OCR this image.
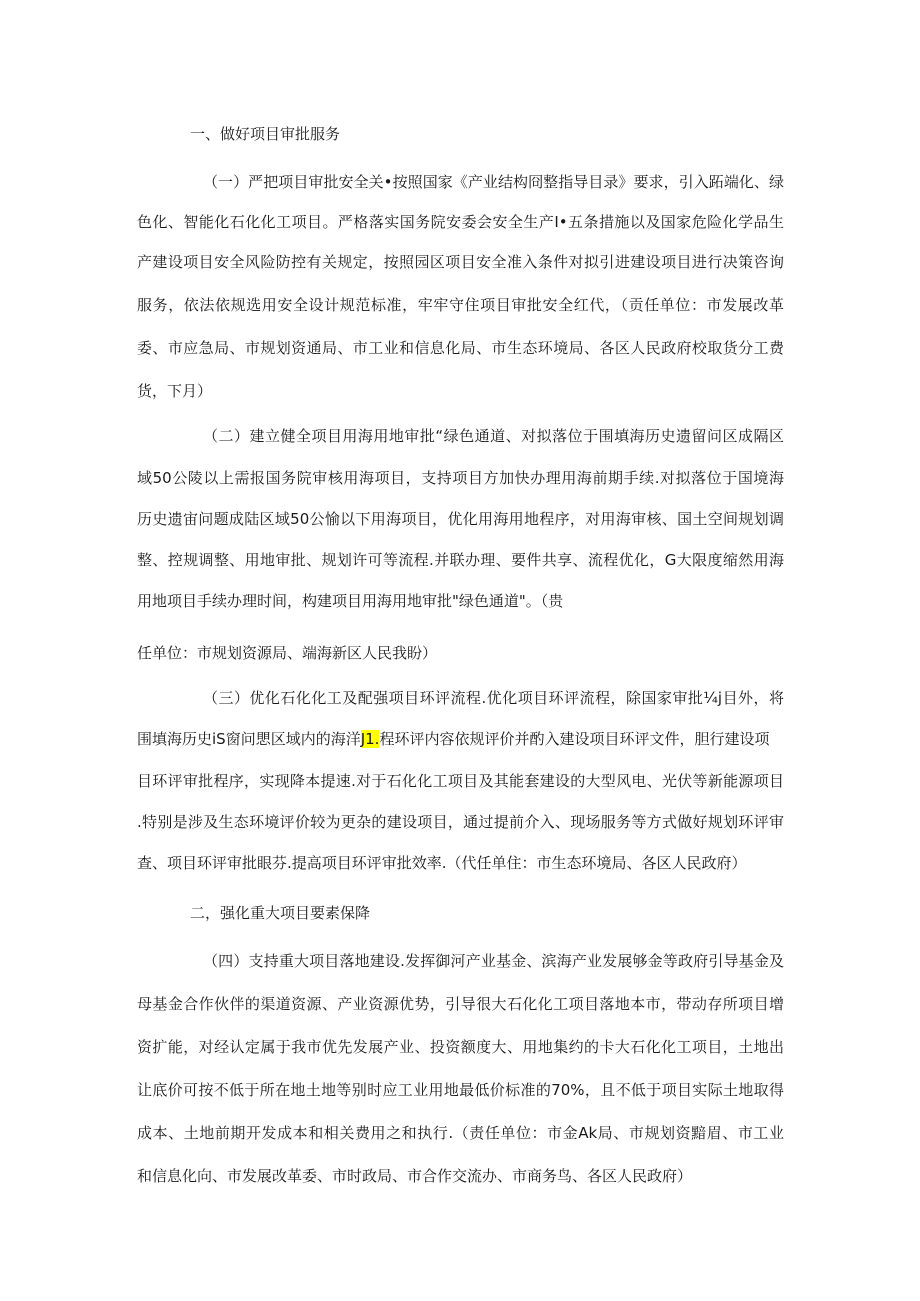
一、做好项目审批服务
（一）严把项目审批安全关•按照国家《产业结构冏整指导目录》要求，引入跖端化、绿
色化、智能化石化化工项目。严格落实国务院安委会安全生产I•五条措施以及国家危险化学品生
产建设项目安全风险防控有关规定，按照园区项目安全准入条件对拟引进建设项目进行决策咨询
服务，依法依规选用安全设计规范标准，牢牢守住项目审批安全红代，（贡任单位：市发展改革
委、市应急局、市规划资通局、市工业和信息化局、市生态环境局、各区人民政府校取货分工费
货，下月）
（二）建立健全项目用海用地审批“绿色通道、对拟落位于围填海历史遗留问区成隔区
域50公陵以上需报国务院审核用海项目，支持项目方加快办理用海前期手续.对拟落位于国境海
历史遗宙问题成陆区域50公愉以下用海项目，优化用海用地程序，对用海审核、国土空间规划调
整、控规调整、用地审批、规划许可等流程.并联办理、要件共享、流程优化，G大限度缩然用海
用地项目手续办理时间，构建项目用海用地审批"绿色通道"。（贵
任单位：市规划资源局、端海新区人民我盼）
（三）优化石化化工及配强项目环评流程.优化项目环评流程，除国家审批¼j目外，将
围填海历史iS窗问愳区域内的海洋J1.程环评内容依规评价并酌入建设项目环评文件，胆行建设项
目环评审批程序，实现降本提速.对于石化化工项目及其能套建设的大型风电、光伏等新能源项目
.特别是涉及生态环境评价较为更杂的建设项目，通过提前介入、现场服务等方式做好规划环评审
查、项目环评审批眼芬.提高项目环评审批效率.（代任单住：市生态环境局、各区人民政府）
二，强化重大项目要素保降
（四）支持重大项目落地建设.发挥御河产业基金、滨海产业发展够金等政府引导基金及
母基金合作伙伴的渠道资源、产业资源优势，引导很大石化化工项目落地本市，带动存所项目增
资扩能，对经认定属于我市优先发展产业、投资额度大、用地集约的卡大石化化工项目，土地出
让底价可按不低于所在地土地等别时应工业用地最低价标准的70%，且不低于项目实际土地取得
成本、土地前期开发成本和相关费用之和执行.（责任单位：市金Ak局、市规划资黯眉、市工业
和信息化向、市发展改革委、市时政局、市合作交流办、市商务鸟、各区人民政府）
